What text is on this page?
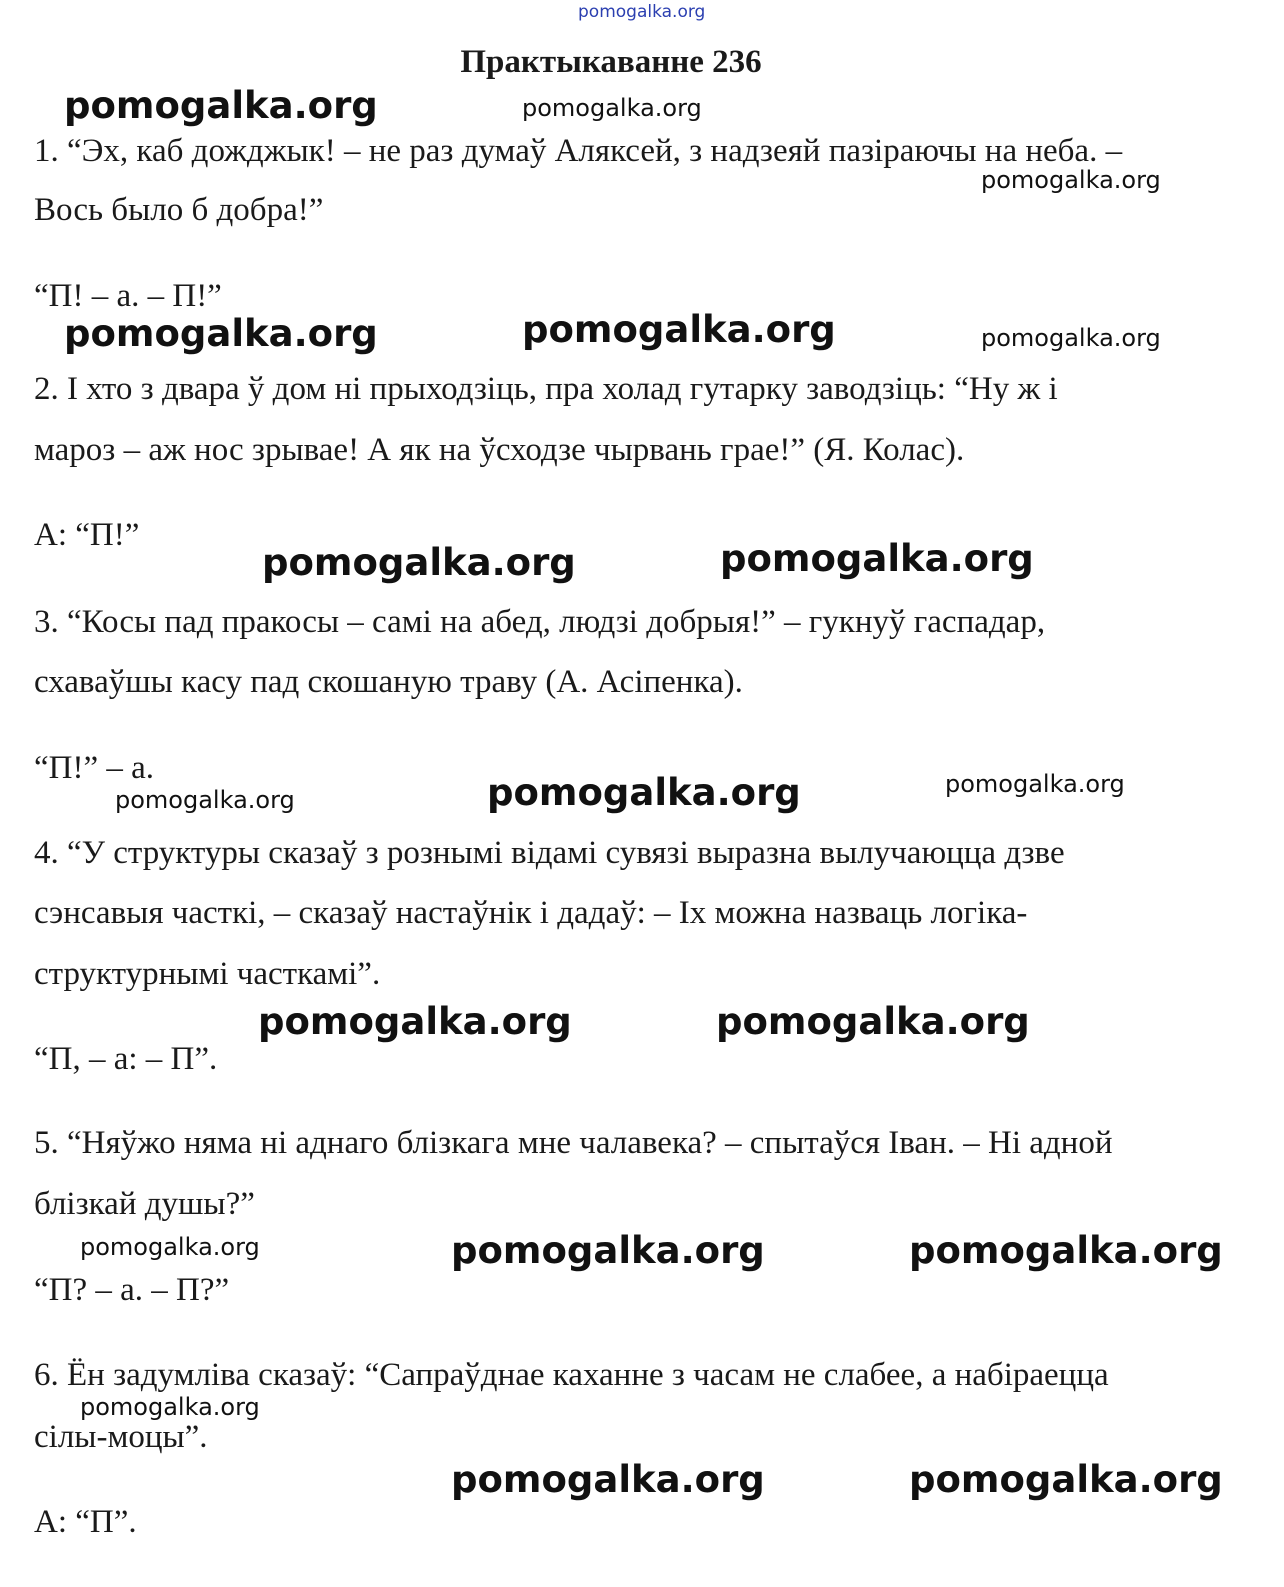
pomogalka.org
Практыкаванне 236
pomogalka.org	pomogalka.org
1. “Эх, каб дожджык! – не раз думаў Аляксей, з надзеяй пазіраючы на неба. –
pomogalka.org
Вось было б добра!”
“П! – а. – П!”
pomogalka.org	pomogalka.org	pomogalka.org
2. І хто з двара ў дом ні прыходзіць, пра холад гутарку заводзіць: “Ну ж і
мароз – аж нос зрывае! А як на ўсходзе чырвань грае!” (Я. Колас).
А: “П!”
pomogalka.org	pomogalka.org
3. “Косы пад пракосы – самі на абед, людзі добрыя!” – гукнуў гаспадар,
схаваўшы касу пад скошаную траву (А. Асіпенка).
“П!” – а.
pomogalka.org	pomogalka.org	pomogalka.org
4. “У структуры сказаў з рознымі відамі сувязі выразна вылучаюцца дзве
сэнсавыя часткі, – сказаў настаўнік і дадаў: – Іх можна назваць логіка-
структурнымі часткамі”.
pomogalka.org	pomogalka.org
“П, – а: – П”.
5. “Няўжо няма ні аднаго блізкага мне чалавека? – спытаўся Іван. – Ні адной
блізкай душы?”
pomogalka.org	pomogalka.org	pomogalka.org
“П? – а. – П?”
6. Ён задумліва сказаў: “Сапраўднае каханне з часам не слабее, а набіраецца
pomogalka.org
сілы-моцы”.
pomogalka.org	pomogalka.org
А: “П”.
